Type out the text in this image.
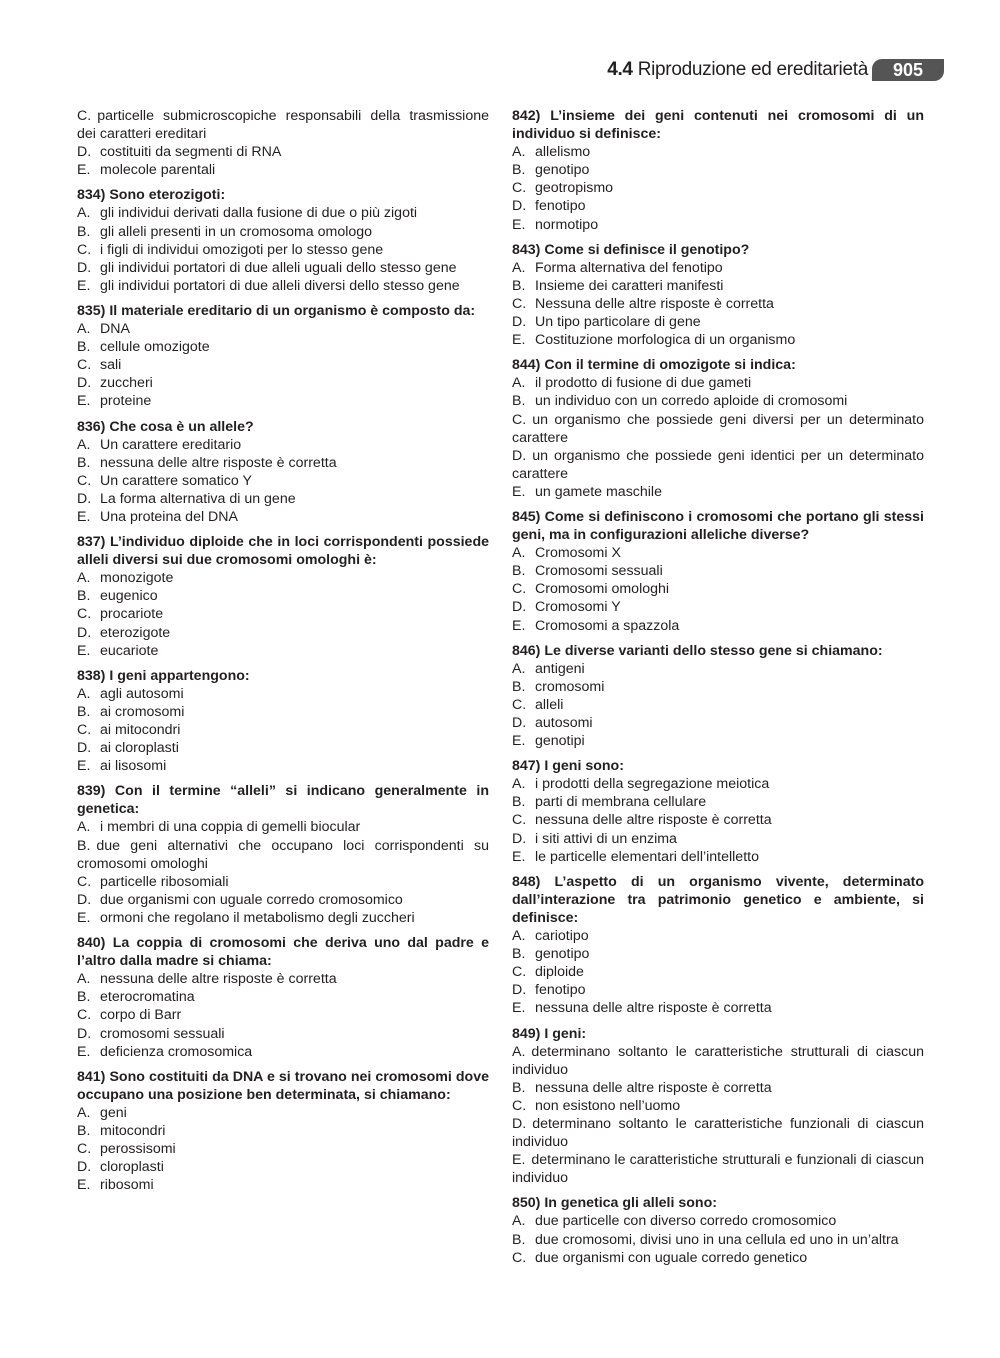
4.4 Riproduzione ed ereditarietà	905
C. particelle submicroscopiche responsabili della trasmissione dei caratteri ereditari
D. costituiti da segmenti di RNA
E. molecole parentali
834) Sono eterozigoti:
A. gli individui derivati dalla fusione di due o più zigoti
B. gli alleli presenti in un cromosoma omologo
C. i figli di individui omozigoti per lo stesso gene
D. gli individui portatori di due alleli uguali dello stesso gene
E. gli individui portatori di due alleli diversi dello stesso gene
835) Il materiale ereditario di un organismo è composto da:
A. DNA
B. cellule omozigote
C. sali
D. zuccheri
E. proteine
836) Che cosa è un allele?
A. Un carattere ereditario
B. nessuna delle altre risposte è corretta
C. Un carattere somatico Y
D. La forma alternativa di un gene
E. Una proteina del DNA
837) L’individuo diploide che in loci corrispondenti possiede alleli diversi sui due cromosomi omologhi è:
A. monozigote
B. eugenico
C. procariote
D. eterozigote
E. eucariote
838) I geni appartengono:
A. agli autosomi
B. ai cromosomi
C. ai mitocondri
D. ai cloroplasti
E. ai lisosomi
839) Con il termine “alleli” si indicano generalmente in genetica:
A. i membri di una coppia di gemelli biocular
B. due geni alternativi che occupano loci corrispondenti su cromosomi omologhi
C. particelle ribosomiali
D. due organismi con uguale corredo cromosomico
E. ormoni che regolano il metabolismo degli zuccheri
840) La coppia di cromosomi che deriva uno dal padre e l’altro dalla madre si chiama:
A. nessuna delle altre risposte è corretta
B. eterocromatina
C. corpo di Barr
D. cromosomi sessuali
E. deficienza cromosomica
841) Sono costituiti da DNA e si trovano nei cromosomi dove occupano una posizione ben determinata, si chiamano:
A. geni
B. mitocondri
C. perossisomi
D. cloroplasti
E. ribosomi
842) L’insieme dei geni contenuti nei cromosomi di un individuo si definisce:
A. allelismo
B. genotipo
C. geotropismo
D. fenotipo
E. normotipo
843) Come si definisce il genotipo?
A. Forma alternativa del fenotipo
B. Insieme dei caratteri manifesti
C. Nessuna delle altre risposte è corretta
D. Un tipo particolare di gene
E. Costituzione morfologica di un organismo
844) Con il termine di omozigote si indica:
A. il prodotto di fusione di due gameti
B. un individuo con un corredo aploide di cromosomi
C. un organismo che possiede geni diversi per un determinato carattere
D. un organismo che possiede geni identici per un determinato carattere
E. un gamete maschile
845) Come si definiscono i cromosomi che portano gli stessi geni, ma in configurazioni alleliche diverse?
A. Cromosomi X
B. Cromosomi sessuali
C. Cromosomi omologhi
D. Cromosomi Y
E. Cromosomi a spazzola
846) Le diverse varianti dello stesso gene si chiamano:
A. antigeni
B. cromosomi
C. alleli
D. autosomi
E. genotipi
847) I geni sono:
A. i prodotti della segregazione meiotica
B. parti di membrana cellulare
C. nessuna delle altre risposte è corretta
D. i siti attivi di un enzima
E. le particelle elementari dell’intelletto
848) L’aspetto di un organismo vivente, determinato dall’interazione tra patrimonio genetico e ambiente, si definisce:
A. cariotipo
B. genotipo
C. diploide
D. fenotipo
E. nessuna delle altre risposte è corretta
849) I geni:
A. determinano soltanto le caratteristiche strutturali di ciascun individuo
B. nessuna delle altre risposte è corretta
C. non esistono nell’uomo
D. determinano soltanto le caratteristiche funzionali di ciascun individuo
E. determinano le caratteristiche strutturali e funzionali di ciascun individuo
850) In genetica gli alleli sono:
A. due particelle con diverso corredo cromosomico
B. due cromosomi, divisi uno in una cellula ed uno in un’altra
C. due organismi con uguale corredo genetico
